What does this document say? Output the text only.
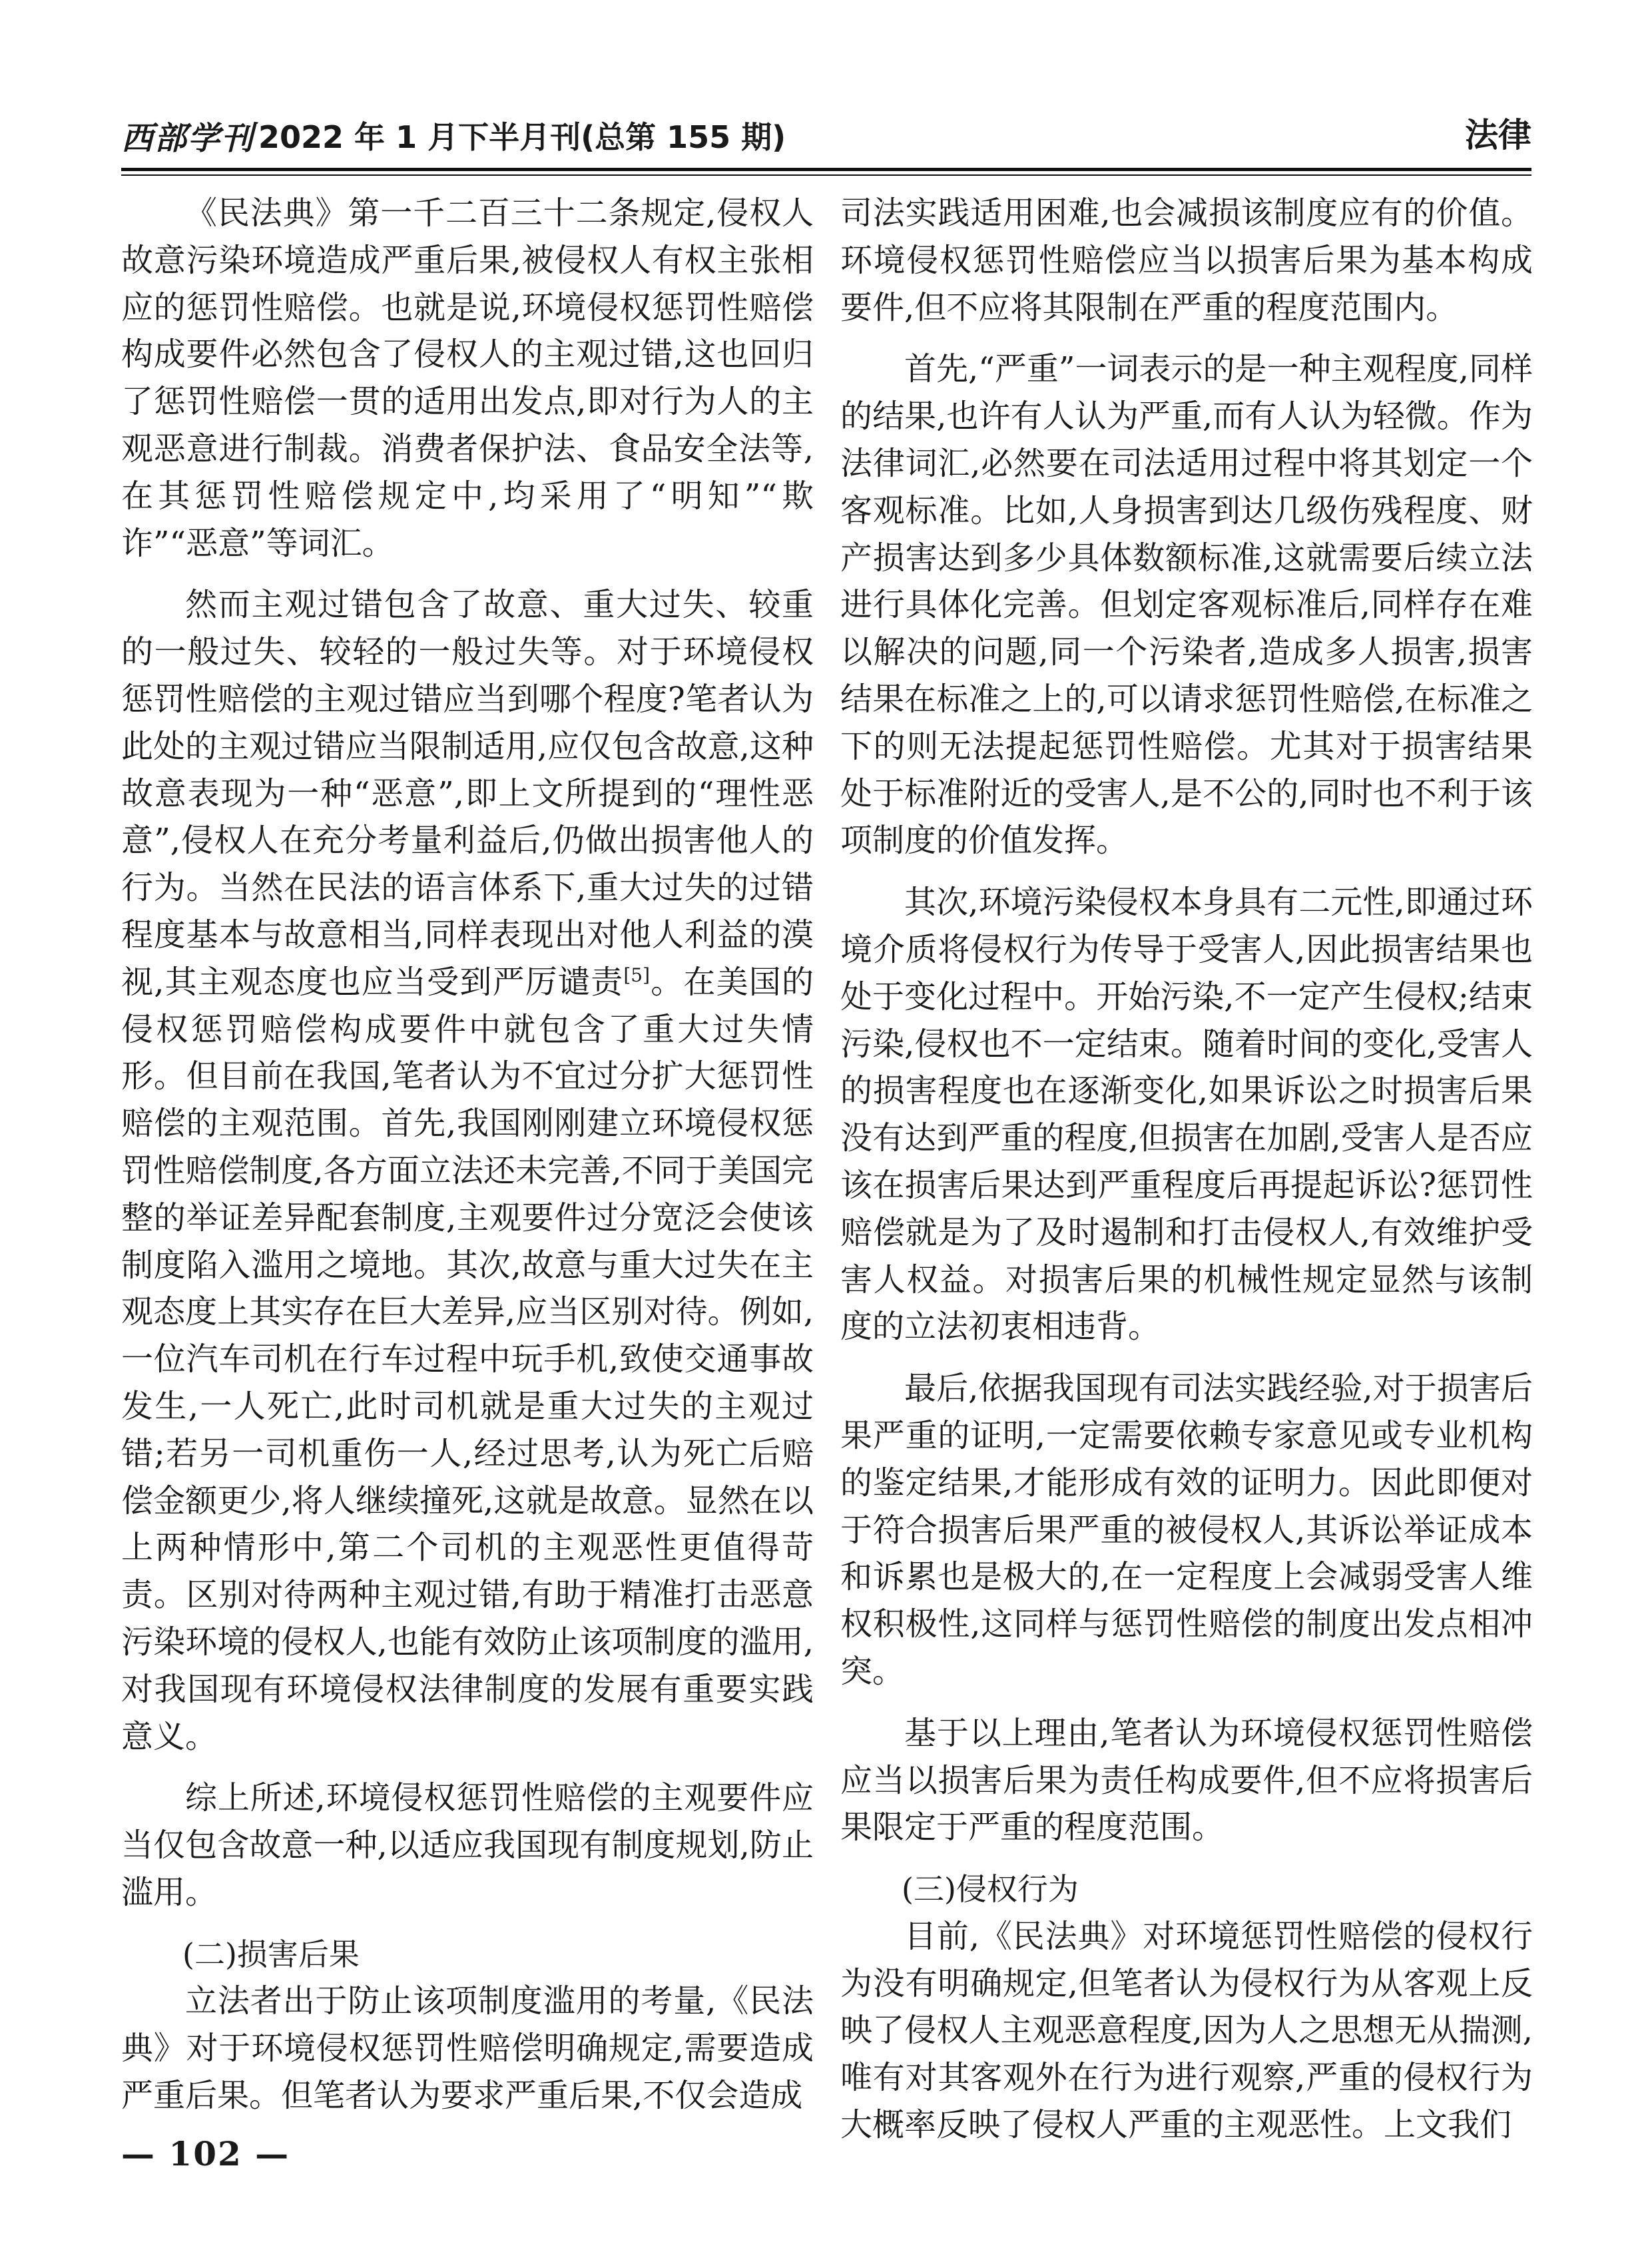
西部学刊 2022 年 1 月下半月刊(总第 155 期)	法律

《民法典》第一千二百三十二条规定,侵权人故意污染环境造成严重后果,被侵权人有权主张相应的惩罚性赔偿。也就是说,环境侵权惩罚性赔偿构成要件必然包含了侵权人的主观过错,这也回归了惩罚性赔偿一贯的适用出发点,即对行为人的主观恶意进行制裁。消费者保护法、食品安全法等,在其惩罚性赔偿规定中,均采用了“明知”“欺诈”“恶意”等词汇。

然而主观过错包含了故意、重大过失、较重的一般过失、较轻的一般过失等。对于环境侵权惩罚性赔偿的主观过错应当到哪个程度?笔者认为此处的主观过错应当限制适用,应仅包含故意,这种故意表现为一种“恶意”,即上文所提到的“理性恶意”,侵权人在充分考量利益后,仍做出损害他人的行为。当然在民法的语言体系下,重大过失的过错程度基本与故意相当,同样表现出对他人利益的漠视,其主观态度也应当受到严厉谴责[5]。在美国的侵权惩罚赔偿构成要件中就包含了重大过失情形。但目前在我国,笔者认为不宜过分扩大惩罚性赔偿的主观范围。首先,我国刚刚建立环境侵权惩罚性赔偿制度,各方面立法还未完善,不同于美国完整的举证差异配套制度,主观要件过分宽泛会使该制度陷入滥用之境地。其次,故意与重大过失在主观态度上其实存在巨大差异,应当区别对待。例如,一位汽车司机在行车过程中玩手机,致使交通事故发生,一人死亡,此时司机就是重大过失的主观过错;若另一司机重伤一人,经过思考,认为死亡后赔偿金额更少,将人继续撞死,这就是故意。显然在以上两种情形中,第二个司机的主观恶性更值得苛责。区别对待两种主观过错,有助于精准打击恶意污染环境的侵权人,也能有效防止该项制度的滥用,对我国现有环境侵权法律制度的发展有重要实践意义。

综上所述,环境侵权惩罚性赔偿的主观要件应当仅包含故意一种,以适应我国现有制度规划,防止滥用。

(二)损害后果

立法者出于防止该项制度滥用的考量,《民法典》对于环境侵权惩罚性赔偿明确规定,需要造成严重后果。但笔者认为要求严重后果,不仅会造成

司法实践适用困难,也会减损该制度应有的价值。环境侵权惩罚性赔偿应当以损害后果为基本构成要件,但不应将其限制在严重的程度范围内。

首先,“严重”一词表示的是一种主观程度,同样的结果,也许有人认为严重,而有人认为轻微。作为法律词汇,必然要在司法适用过程中将其划定一个客观标准。比如,人身损害到达几级伤残程度、财产损害达到多少具体数额标准,这就需要后续立法进行具体化完善。但划定客观标准后,同样存在难以解决的问题,同一个污染者,造成多人损害,损害结果在标准之上的,可以请求惩罚性赔偿,在标准之下的则无法提起惩罚性赔偿。尤其对于损害结果处于标准附近的受害人,是不公的,同时也不利于该项制度的价值发挥。

其次,环境污染侵权本身具有二元性,即通过环境介质将侵权行为传导于受害人,因此损害结果也处于变化过程中。开始污染,不一定产生侵权;结束污染,侵权也不一定结束。随着时间的变化,受害人的损害程度也在逐渐变化,如果诉讼之时损害后果没有达到严重的程度,但损害在加剧,受害人是否应该在损害后果达到严重程度后再提起诉讼?惩罚性赔偿就是为了及时遏制和打击侵权人,有效维护受害人权益。对损害后果的机械性规定显然与该制度的立法初衷相违背。

最后,依据我国现有司法实践经验,对于损害后果严重的证明,一定需要依赖专家意见或专业机构的鉴定结果,才能形成有效的证明力。因此即便对于符合损害后果严重的被侵权人,其诉讼举证成本和诉累也是极大的,在一定程度上会减弱受害人维权积极性,这同样与惩罚性赔偿的制度出发点相冲突。

基于以上理由,笔者认为环境侵权惩罚性赔偿应当以损害后果为责任构成要件,但不应将损害后果限定于严重的程度范围。

(三)侵权行为

目前,《民法典》对环境惩罚性赔偿的侵权行为没有明确规定,但笔者认为侵权行为从客观上反映了侵权人主观恶意程度,因为人之思想无从揣测,唯有对其客观外在行为进行观察,严重的侵权行为大概率反映了侵权人严重的主观恶性。上文我们

— 102 —
